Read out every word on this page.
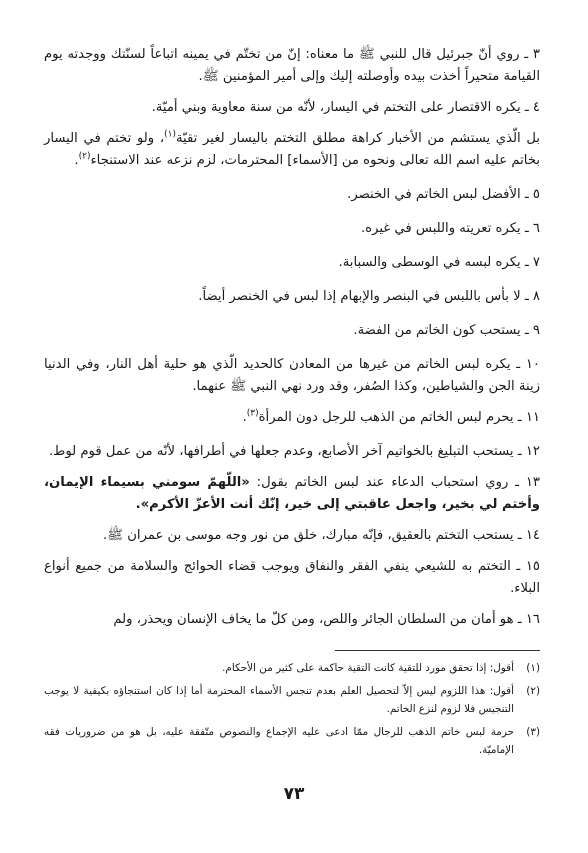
٣ ـ روي أنّ جبرئيل قال للنبي ﷺ ما معناه: إنّ من تختّم في يمينه اتباعاً لسنّتك ووجدته يوم القيامة متحيراً أخذت بيده وأوصلته إليك وإلى أمير المؤمنين ﷺ.

٤ ـ يكره الاقتصار على التختم في اليسار، لأنّه من سنة معاوية وبني أميّة.

بل الّذي يستشم من الأخبار كراهة مطلق التختم باليسار لغير تقيّة$^{(١)}$، ولو تختم في اليسار بخاتم عليه اسم الله تعالى ونحوه من [الأسماء] المحترمات، لزم نزعه عند الاستنجاء$^{(٢)}$.

٥ ـ الأفضل لبس الخاتم في الخنصر.

٦ ـ يكره تعريته واللبس في غيره.

٧ ـ يكره لبسه في الوسطى والسبابة.

٨ ـ لا بأس باللبس في البنصر والإبهام إذا لبس في الخنصر أيضاً.

٩ ـ يستحب كون الخاتم من الفضة.

١٠ ـ يكره لبس الخاتم من غيرها من المعادن كالحديد الّذي هو حلية أهل النار، وفي الدنيا زينة الجن والشياطين، وكذا الصُفر، وقد ورد نهي النبي ﷺ عنهما.

١١ ـ يحرم لبس الخاتم من الذهب للرجل دون المرأة$^{(٣)}$.

١٢ ـ يستحب التبليغ بالخواتيم آخر الأصابع، وعدم جعلها في أطرافها، لأنّه من عمل قوم لوط.

١٣ ـ روي استحباب الدعاء عند لبس الخاتم بقول: «اللّهمّ سومني بسيماء الإيمان، وأختم لي بخير، واجعل عاقبتي إلى خير، إنّك أنت الأعزّ الأكرم».

١٤ ـ يستحب التختم بالعقيق، فإنّه مبارك، خلق من نور وجه موسى بن عمران ﷺ.

١٥ ـ التختم به للشيعي ينفي الفقر والنفاق ويوجب قضاء الحوائج والسلامة من جميع أنواع البلاء.

١٦ ـ هو أمان من السلطان الجائر واللص، ومن كلّ ما يخاف الإنسان ويحذر، ولم

(١)
أقول: إذا تحقق مورد للتقية كانت التقية حاكمة على كثير من الأحكام.
(٢)
أقول: هذا اللزوم ليس إلاّ لتحصيل العلم بعدم تنجس الأسماء المحترمة أما إذا كان استنجاؤه بكيفية لا يوجب التنجيس فلا لزوم لنزع الخاتم.
(٣)
حرمة لبس خاتم الذهب للرجال ممّا ادعى عليه الإجماع والنصوص متّفقة عليه، بل هو من ضروريات فقه الإماميّة.
٧٣
